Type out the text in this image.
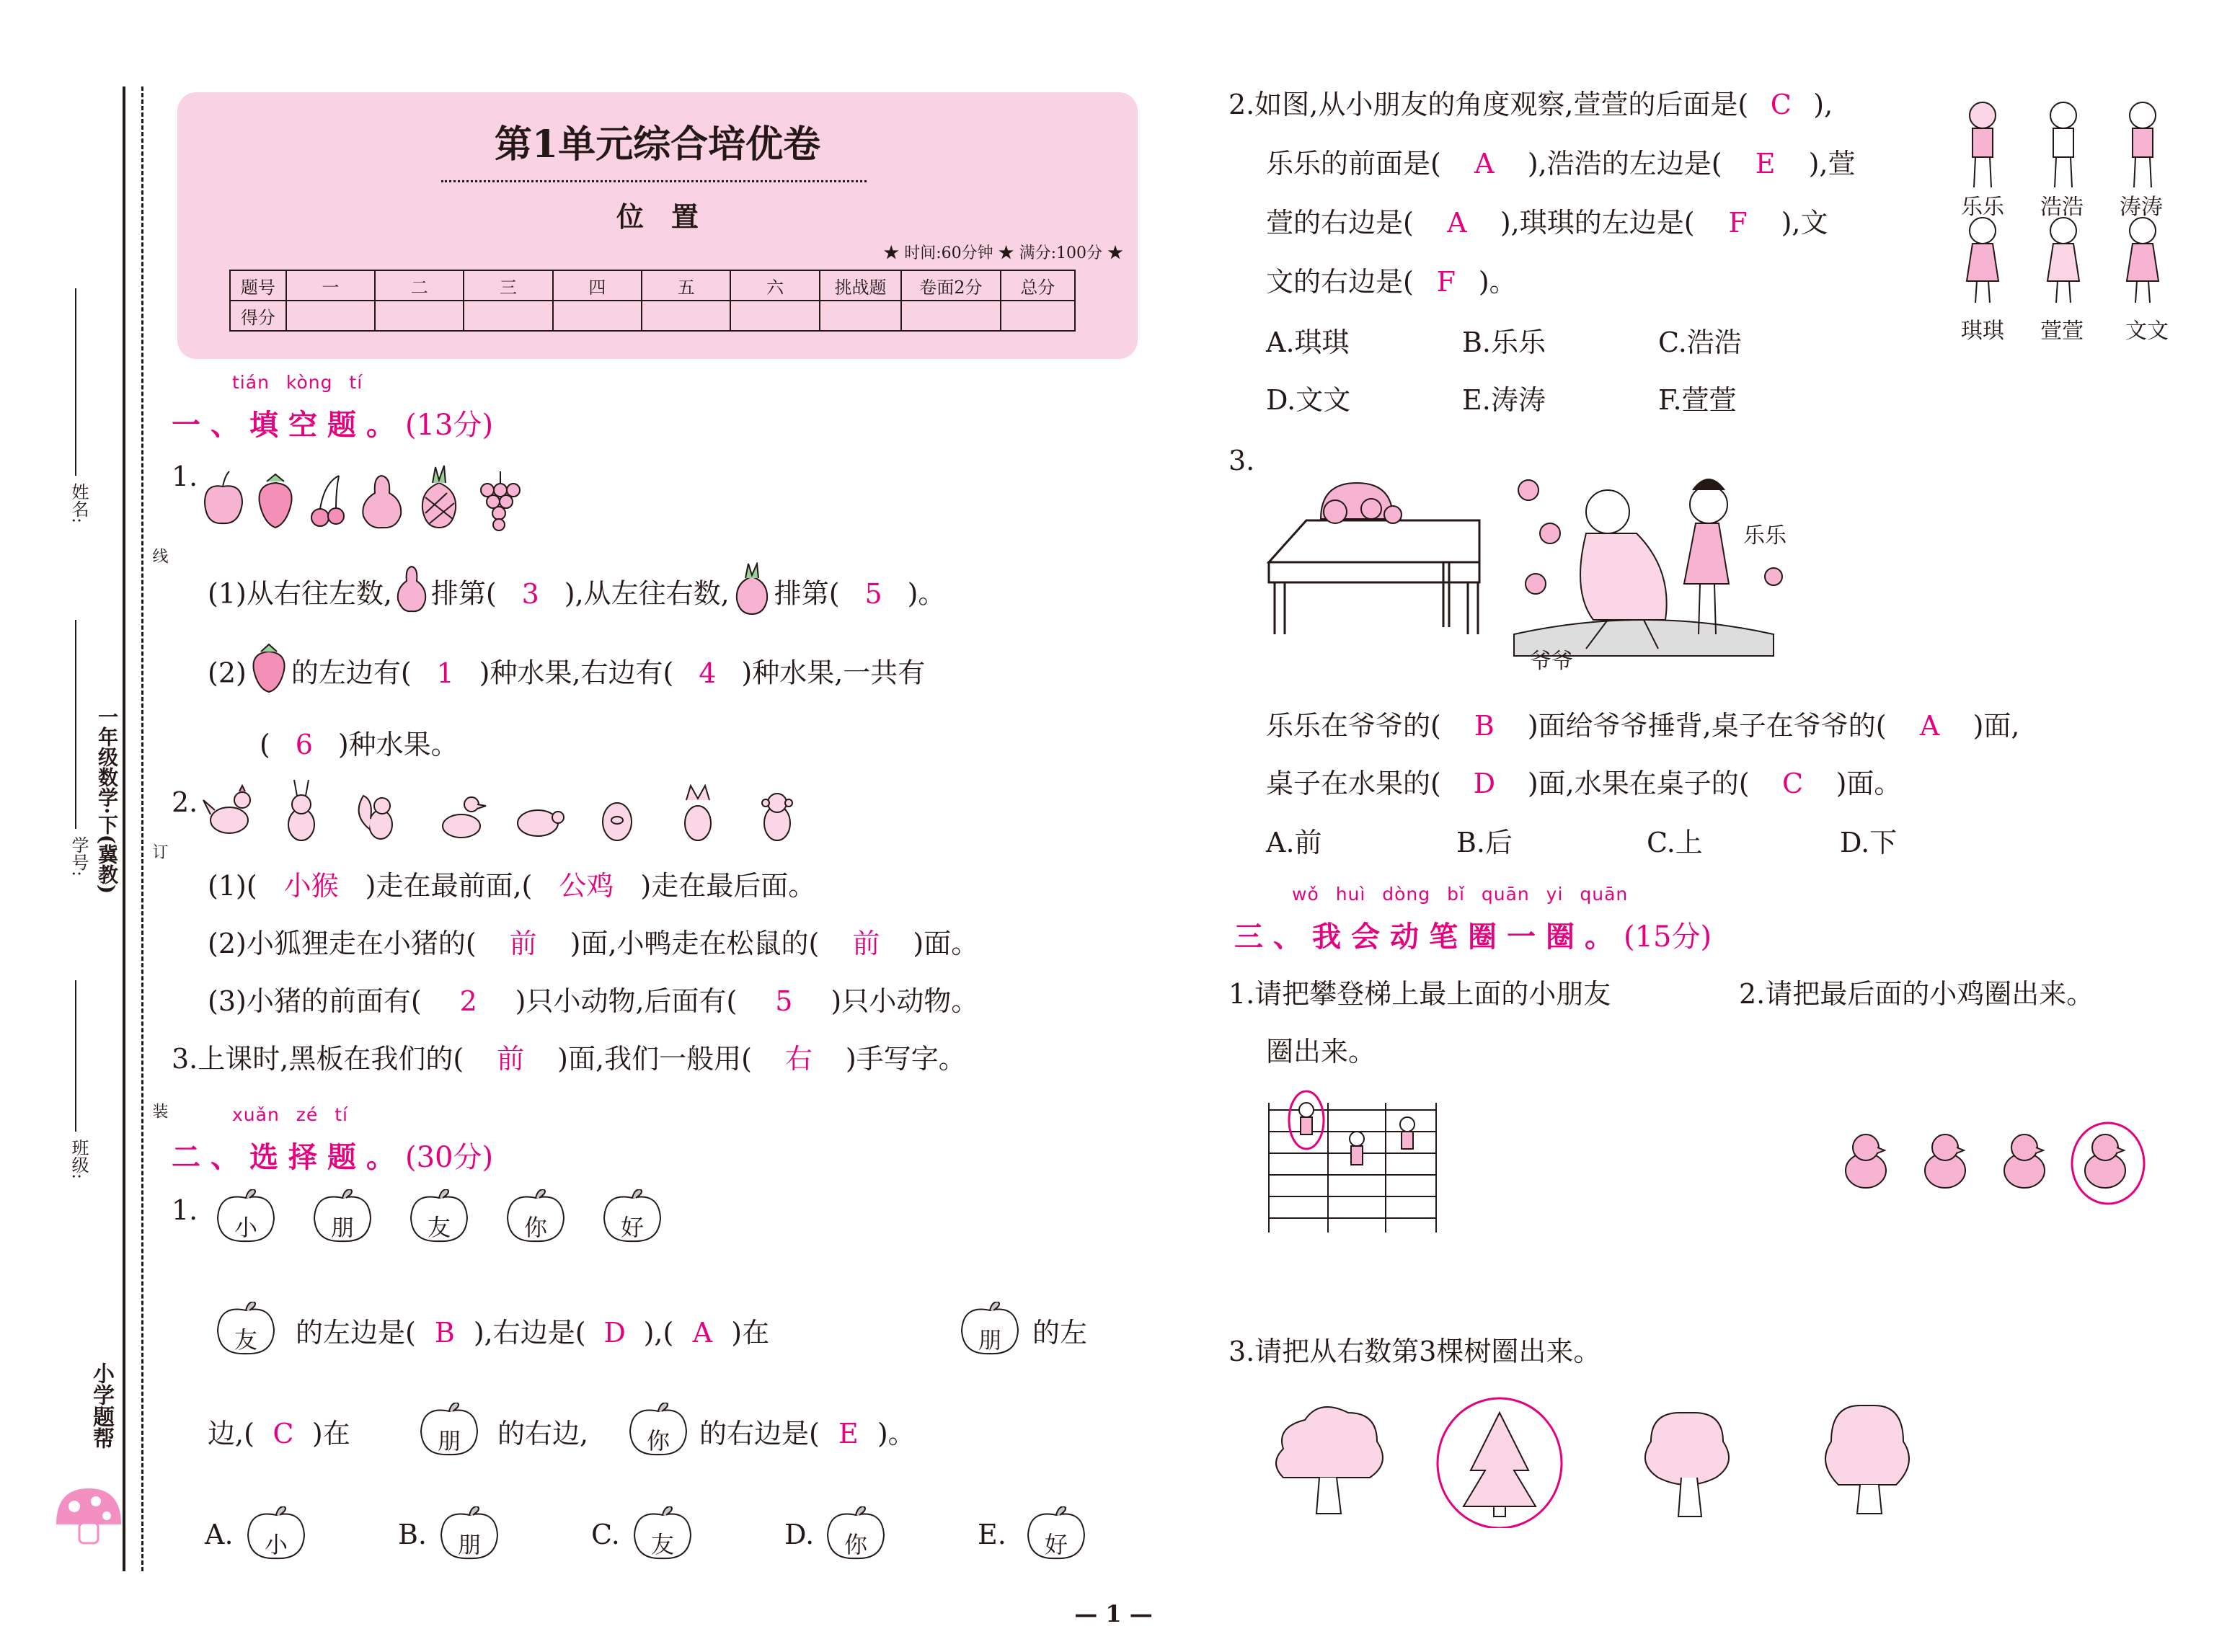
姓名:
学号:
班级:
一年级数学·下(冀教)
线
订
装
小学题帮
第1单元综合培优卷
位　置
★ 时间:60分钟 ★ 满分:100分 ★
题号	一	二	三	四	五	六	挑战题	卷面2分	总分
得分									
tián kòng tí
一、填空题。(13分)
1.
(1)从右往左数, 排第( 3 ),从左往右数, 排第( 5 )。
(2) 的左边有( 1 )种水果,右边有( 4 )种水果,一共有
( 6 )种水果。
2.
(1)( 小猴 )走在最前面,( 公鸡 )走在最后面。
(2)小狐狸走在小猪的( 前 )面,小鸭走在松鼠的( 前 )面。
(3)小猪的前面有( 2 )只小动物,后面有( 5 )只小动物。
3.上课时,黑板在我们的( 前 )面,我们一般用( 右 )手写字。
xuǎn zé tí
二、选择题。(30分)
1.
小	朋	友	你	好
友	的左边是( B ),右边是( D ),( A )在	朋	的左
边,( C )在	朋	的右边,	你	的右边是( E )。
A.	小	B.	朋	C.	友	D.	你	E.	好
2.如图,从小朋友的角度观察,萱萱的后面是( C ),
乐乐的前面是( A ),浩浩的左边是( E ),萱
萱的右边是( A ),琪琪的左边是( F ),文
文的右边是( F )。
乐乐 浩浩 涛涛
琪琪 萱萱 文文
A.琪琪	B.乐乐	C.浩浩
D.文文	E.涛涛	F.萱萱
3.
乐乐
爷爷
乐乐在爷爷的( B )面给爷爷捶背,桌子在爷爷的( A )面,
桌子在水果的( D )面,水果在桌子的( C )面。
A.前	B.后	C.上	D.下
wǒ huì dòng bǐ quān yi quān
三、我会动笔圈一圈。(15分)
1.请把攀登梯上最上面的小朋友
圈出来。
2.请把最后面的小鸡圈出来。
3.请把从右数第3棵树圈出来。
— 1 —
